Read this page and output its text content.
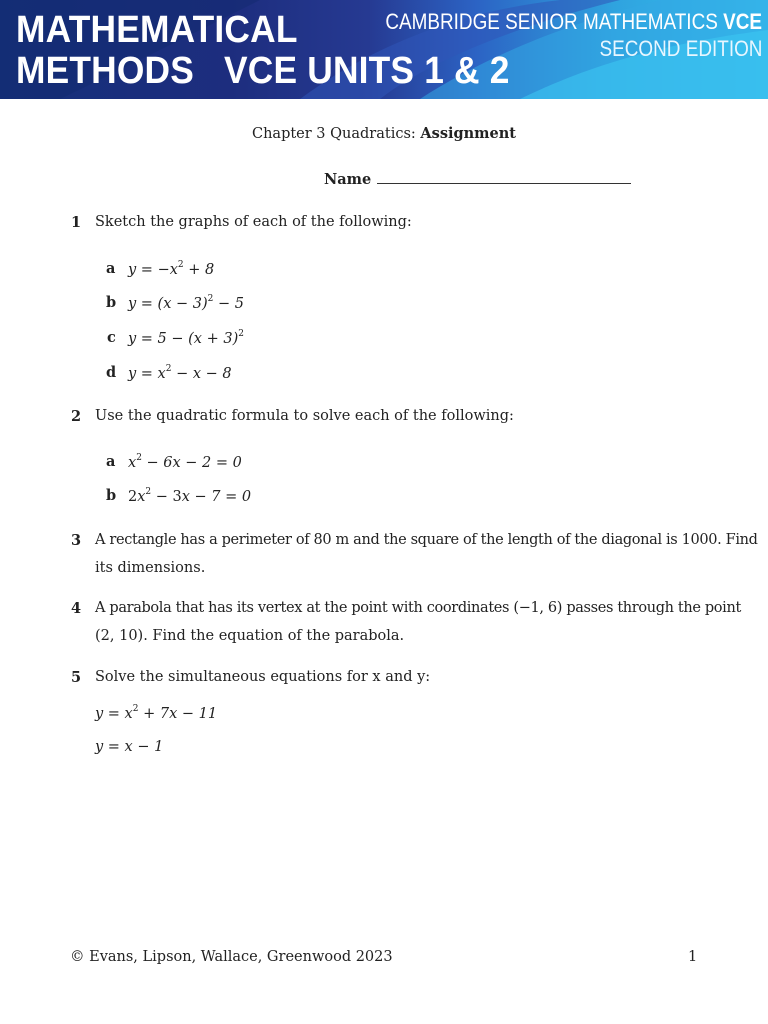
MATHEMATICAL
METHODS   VCE UNITS 1 & 2
CAMBRIDGE SENIOR MATHEMATICS VCE
SECOND EDITION
Chapter 3 Quadratics: Assignment
Name
1 Sketch the graphs of each of the following:
a $y = -x^2 + 8$
b $y = (x - 3)^2 - 5$
c $y = 5 - (x + 3)^2$
d $y = x^2 - x - 8$
2 Use the quadratic formula to solve each of the following:
a $x^2 - 6x - 2 = 0$
b $2x^2 - 3x - 7 = 0$
3 A rectangle has a perimeter of 80 m and the square of the length of the diagonal is 1000. Find
its dimensions.
4 A parabola that has its vertex at the point with coordinates (−1, 6) passes through the point
(2, 10). Find the equation of the parabola.
5 Solve the simultaneous equations for x and y:
$y = x^2 + 7x - 11$
y = x − 1
© Evans, Lipson, Wallace, Greenwood 2023	1
